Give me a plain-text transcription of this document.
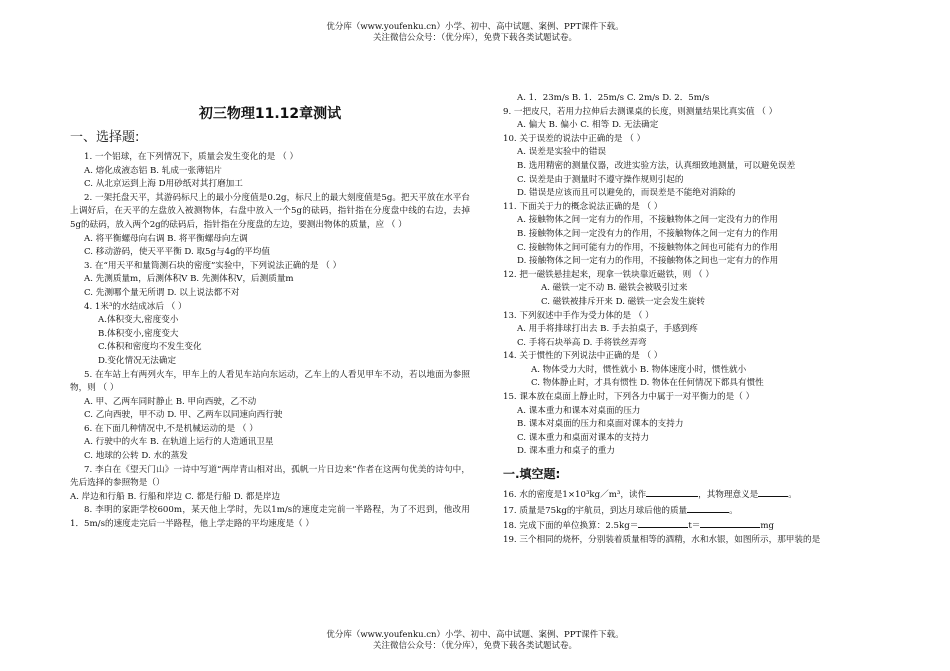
优分库（www.youfenku.cn）小学、初中、高中试题、案例、PPT课件下载。
关注微信公众号：（优分库），免费下载各类试题试卷。
初三物理11.12章测试
一、选择题:
1. 一个铝球，在下列情况下，质量会发生变化的是 （ ）
A. 熔化成液态铝 B. 轧成一张薄铝片
C. 从北京运到上海 D用砂纸对其打磨加工
2. 一架托盘天平，其游码标尺上的最小分度值是0.2g，标尺上的最大刻度值是5g。把天平放在水平台上调好后，在天平的左盘放入被测物体，右盘中放入一个5g的砝码，指针指在分度盘中线的右边，去掉5g的砝码，放入两个2g的砝码后，指针指在分度盘的左边，要测出物体的质量，应 （ ）
A. 将平衡螺母向右调 B. 将平衡螺母向左调
C. 移动游码，使天平平衡 D. 取5g与4g的平均值
3. 在“用天平和量筒测石块的密度”实验中，下列说法正确的是 （ ）
A. 先测质量m，后测体积V B. 先测体积V，后测质量m
C. 先测哪个量无所谓 D. 以上说法都不对
4. 1米³的水结成冰后 （ ）
A.体积变大,密度变小
B.体积变小,密度变大
C.体积和密度均不发生变化
D.变化情况无法确定
5. 在车站上有两列火车，甲车上的人看见车站向东运动，乙车上的人看见甲车不动，若以地面为参照物，则 （ ）
A. 甲、乙两车同时静止 B. 甲向西驶，乙不动
C. 乙向西驶，甲不动 D. 甲、乙两车以同速向西行驶
6. 在下面几种情况中,不是机械运动的是 （ ）
A. 行驶中的火车 B. 在轨道上运行的人造通讯卫星
C. 地球的公转 D. 水的蒸发
7. 李白在《望天门山》一诗中写道“两岸青山相对出，孤帆一片日边来”作者在这两句优美的诗句中，先后选择的参照物是（）
A. 岸边和行船 B. 行船和岸边 C. 都是行船 D. 都是岸边
8. 李明的家距学校600m，某天他上学时，先以1m/s的速度走完前一半路程，为了不迟到，他改用1．5m/s的速度走完后一半路程，他上学走路的平均速度是（ ）
A. 1．23m/s B. 1．25m/s C. 2m/s D. 2．5m/s
9. 一把皮尺，若用力拉伸后去测课桌的长度，则测量结果比真实值 （ ）
A. 偏大 B. 偏小 C. 相等 D. 无法确定
10. 关于误差的说法中正确的是 （ ）
A. 误差是实验中的错误
B. 选用精密的测量仪器，改进实验方法，认真细致地测量，可以避免误差
C. 误差是由于测量时不遵守操作规则引起的
D. 错误是应该而且可以避免的，而误差是不能绝对消除的
11. 下面关于力的概念说法正确的是 （ ）
A. 接触物体之间一定有力的作用，不接触物体之间一定没有力的作用
B. 接触物体之间一定没有力的作用，不接触物体之间一定有力的作用
C. 接触物体之间可能有力的作用，不接触物体之间也可能有力的作用
D. 接触物体之间一定有力的作用，不接触物体之间也一定有力的作用
12. 把一磁铁悬挂起来，现拿一铁块靠近磁铁，则 （ ）
A. 磁铁一定不动 B. 磁铁会被吸引过来
C. 磁铁被排斥开来 D. 磁铁一定会发生旋转
13. 下列叙述中手作为受力体的是 （ ）
A. 用手将排球打出去 B. 手去拍桌子，手感到疼
C. 手将石块举高 D. 手将铁丝弄弯
14. 关于惯性的下列说法中正确的是 （ ）
A. 物体受力大时，惯性就小 B. 物体速度小时，惯性就小
C. 物体静止时，才具有惯性 D. 物体在任何情况下都具有惯性
15. 课本放在桌面上静止时，下列各力中属于一对平衡力的是（ ）
A. 课本重力和课本对桌面的压力
B. 课本对桌面的压力和桌面对课本的支持力
C. 课本重力和桌面对课本的支持力
D. 课本重力和桌子的重力
一.填空题:
16. 水的密度是1×10³kg／m³，读作	，其物理意义是	。
17. 质量是75kg的宇航员，到达月球后他的质量	。
18. 完成下面的单位换算：2.5kg＝	t＝	mg
19. 三个相同的烧杯，分别装着质量相等的酒精，水和水银，如图所示，那甲装的是
优分库（www.youfenku.cn）小学、初中、高中试题、案例、PPT课件下载。
关注微信公众号：（优分库），免费下载各类试题试卷。
